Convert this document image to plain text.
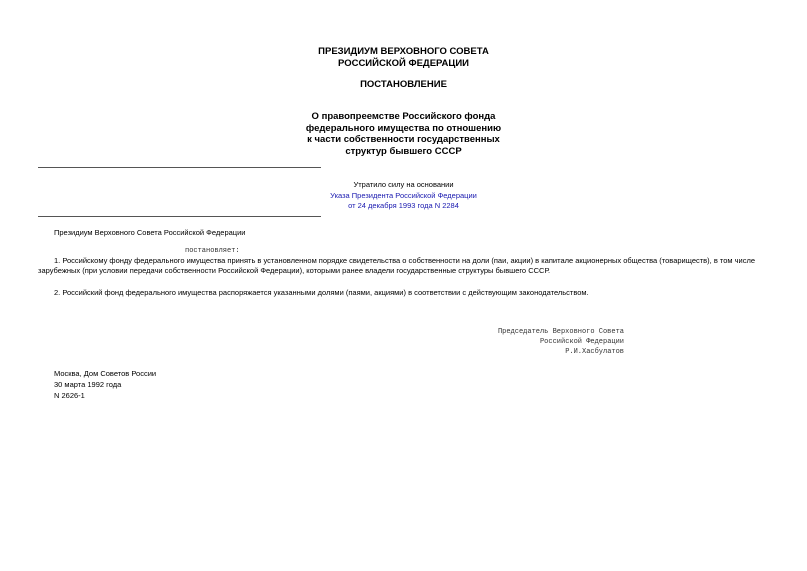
ПРЕЗИДИУМ ВЕРХОВНОГО СОВЕТА
РОССИЙСКОЙ ФЕДЕРАЦИИ
ПОСТАНОВЛЕНИЕ
О правопреемстве Российского фонда
федерального имущества по отношению
к части собственности государственных
структур бывшего СССР
Утратило силу на основании
Указа Президента Российской Федерации
от 24 декабря 1993 года N 2284
Президиум Верховного Совета Российской Федерации
постановляет:
1. Российскому фонду федерального имущества принять в установленном порядке свидетельства о собственности на доли (паи, акции) в капитале акционерных общества (товариществ), в том числе зарубежных (при условии передачи собственности Российской Федерации), которыми ранее владели государственные структуры бывшего СССР.
2. Российский фонд федерального имущества распоряжается указанными долями (паями, акциями) в соответствии с действующим законодательством.
Председатель Верховного Совета
Российской Федерации
Р.И.Хасбулатов
Москва, Дом Советов России
30 марта 1992 года
N 2626-1
